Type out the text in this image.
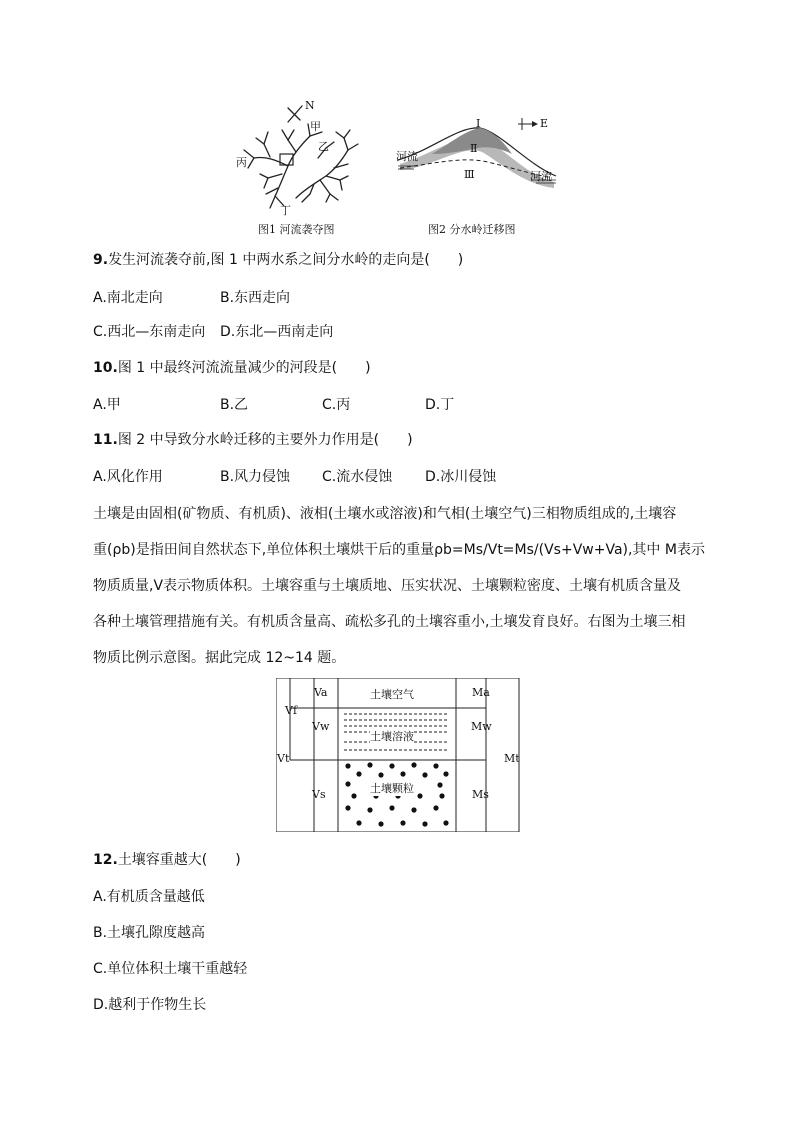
N
甲
乙
丙
丁
图1 河流袭夺图
E
Ⅰ
Ⅱ
Ⅲ
河流
河流
图2 分水岭迁移图
9.发生河流袭夺前,图 1 中两水系之间分水岭的走向是(　　)
A.南北走向	B.东西走向
C.西北—东南走向 D.东北—西南走向
10.图 1 中最终河流流量减少的河段是(　　)
A.甲	B.乙	C.丙	D.丁
11.图 2 中导致分水岭迁移的主要外力作用是(　　)
A.风化作用	B.风力侵蚀 C.流水侵蚀 D.冰川侵蚀
土壤是由固相(矿物质、有机质)、液相(土壤水或溶液)和气相(土壤空气)三相物质组成的,土壤容
重(ρb)是指田间自然状态下,单位体积土壤烘干后的重量ρb=Ms/Vt=Ms/(Vs+Vw+Va),其中 M表示
物质质量,V表示物质体积。土壤容重与土壤质地、压实状况、土壤颗粒密度、土壤有机质含量及
各种土壤管理措施有关。有机质含量高、疏松多孔的土壤容重小,土壤发育良好。右图为土壤三相
物质比例示意图。据此完成 12~14 题。
Va
Vf
Vw
Vt
Vs
Ma
Mw
Mt
Ms
土壤空气
土壤溶液
土壤颗粒
12.土壤容重越大(　　)
A.有机质含量越低
B.土壤孔隙度越高
C.单位体积土壤干重越轻
D.越利于作物生长
